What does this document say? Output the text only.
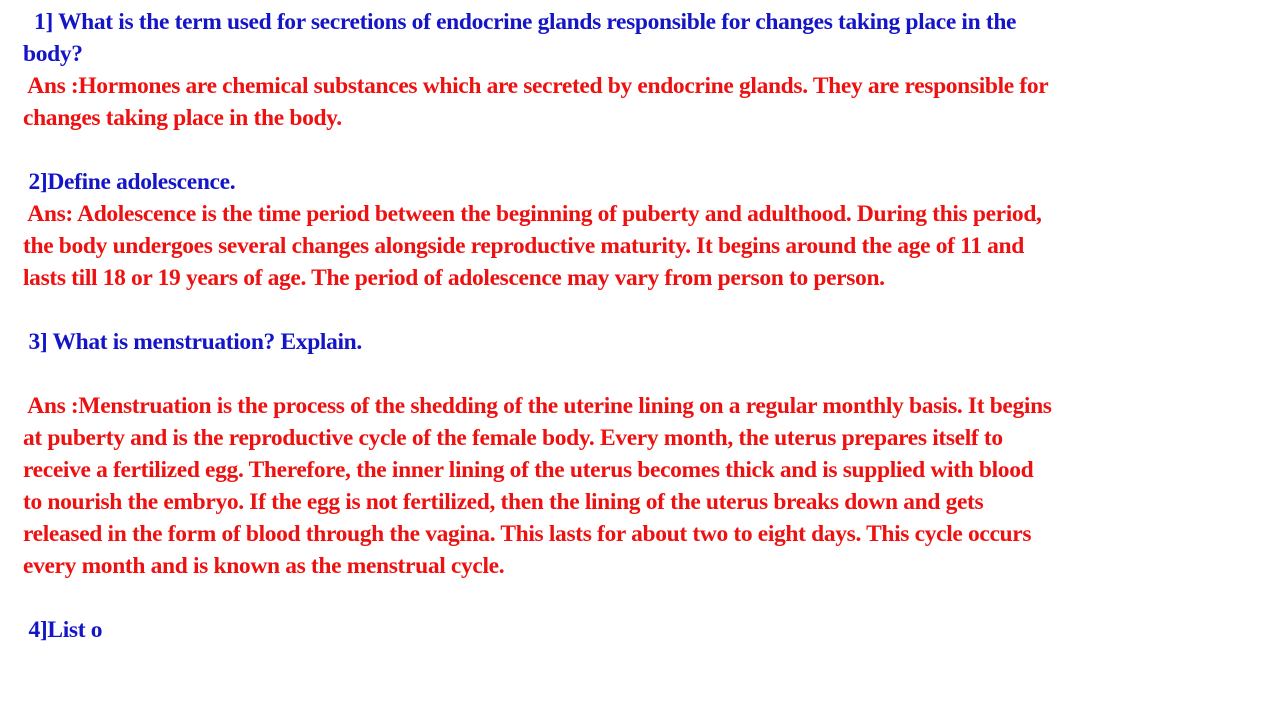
1] What is the term used for secretions of endocrine glands responsible for changes taking place in the
body?
Ans :Hormones are chemical substances which are secreted by endocrine glands. They are responsible for
changes taking place in the body.
2]Define adolescence.
Ans: Adolescence is the time period between the beginning of puberty and adulthood. During this period,
the body undergoes several changes alongside reproductive maturity. It begins around the age of 11 and
lasts till 18 or 19 years of age. The period of adolescence may vary from person to person.
3] What is menstruation? Explain.
Ans :Menstruation is the process of the shedding of the uterine lining on a regular monthly basis. It begins
at puberty and is the reproductive cycle of the female body. Every month, the uterus prepares itself to
receive a fertilized egg. Therefore, the inner lining of the uterus becomes thick and is supplied with blood
to nourish the embryo. If the egg is not fertilized, then the lining of the uterus breaks down and gets
released in the form of blood through the vagina. This lasts for about two to eight days. This cycle occurs
every month and is known as the menstrual cycle.
4]List o
